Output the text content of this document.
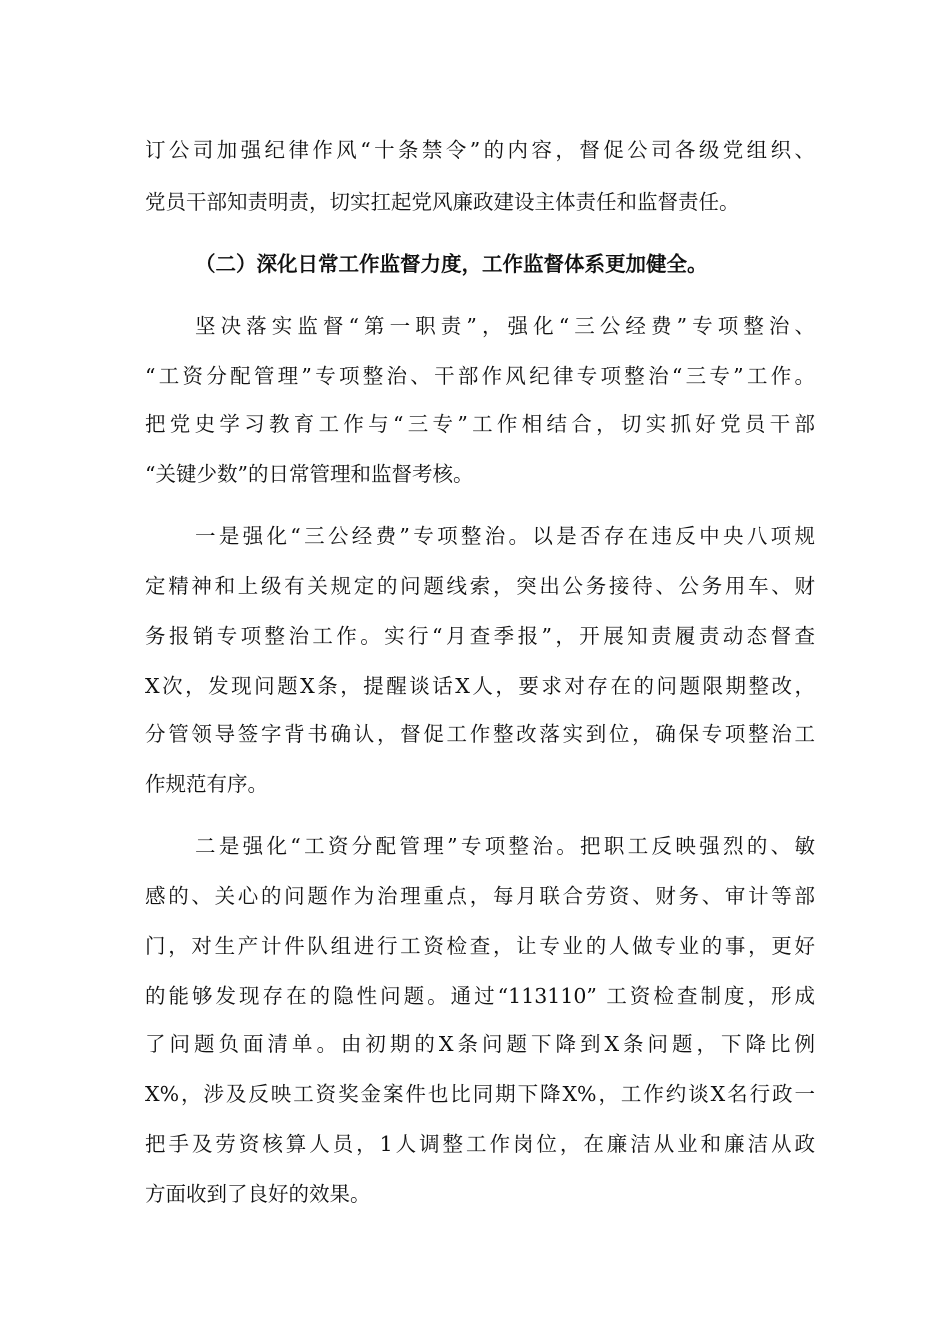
订公司加强纪律作风“十条禁令”的内容，督促公司各级党组织、
党员干部知责明责，切实扛起党风廉政建设主体责任和监督责任。
（二）深化日常工作监督力度，工作监督体系更加健全。
坚决落实监督“第一职责”，强化“三公经费”专项整治、
“工资分配管理”专项整治、干部作风纪律专项整治“三专”工作。
把党史学习教育工作与“三专”工作相结合，切实抓好党员干部
“关键少数”的日常管理和监督考核。
一是强化“三公经费”专项整治。以是否存在违反中央八项规
定精神和上级有关规定的问题线索，突出公务接待、公务用车、财
务报销专项整治工作。实行“月查季报”，开展知责履责动态督查
X次，发现问题X条，提醒谈话X人，要求对存在的问题限期整改，
分管领导签字背书确认，督促工作整改落实到位，确保专项整治工
作规范有序。
二是强化“工资分配管理”专项整治。把职工反映强烈的、敏
感的、关心的问题作为治理重点，每月联合劳资、财务、审计等部
门，对生产计件队组进行工资检查，让专业的人做专业的事，更好
的能够发现存在的隐性问题。通过“113110” 工资检查制度，形成
了问题负面清单。由初期的X条问题下降到X条问题，下降比例
X%，涉及反映工资奖金案件也比同期下降X%，工作约谈X名行政一
把手及劳资核算人员，1人调整工作岗位，在廉洁从业和廉洁从政
方面收到了良好的效果。
